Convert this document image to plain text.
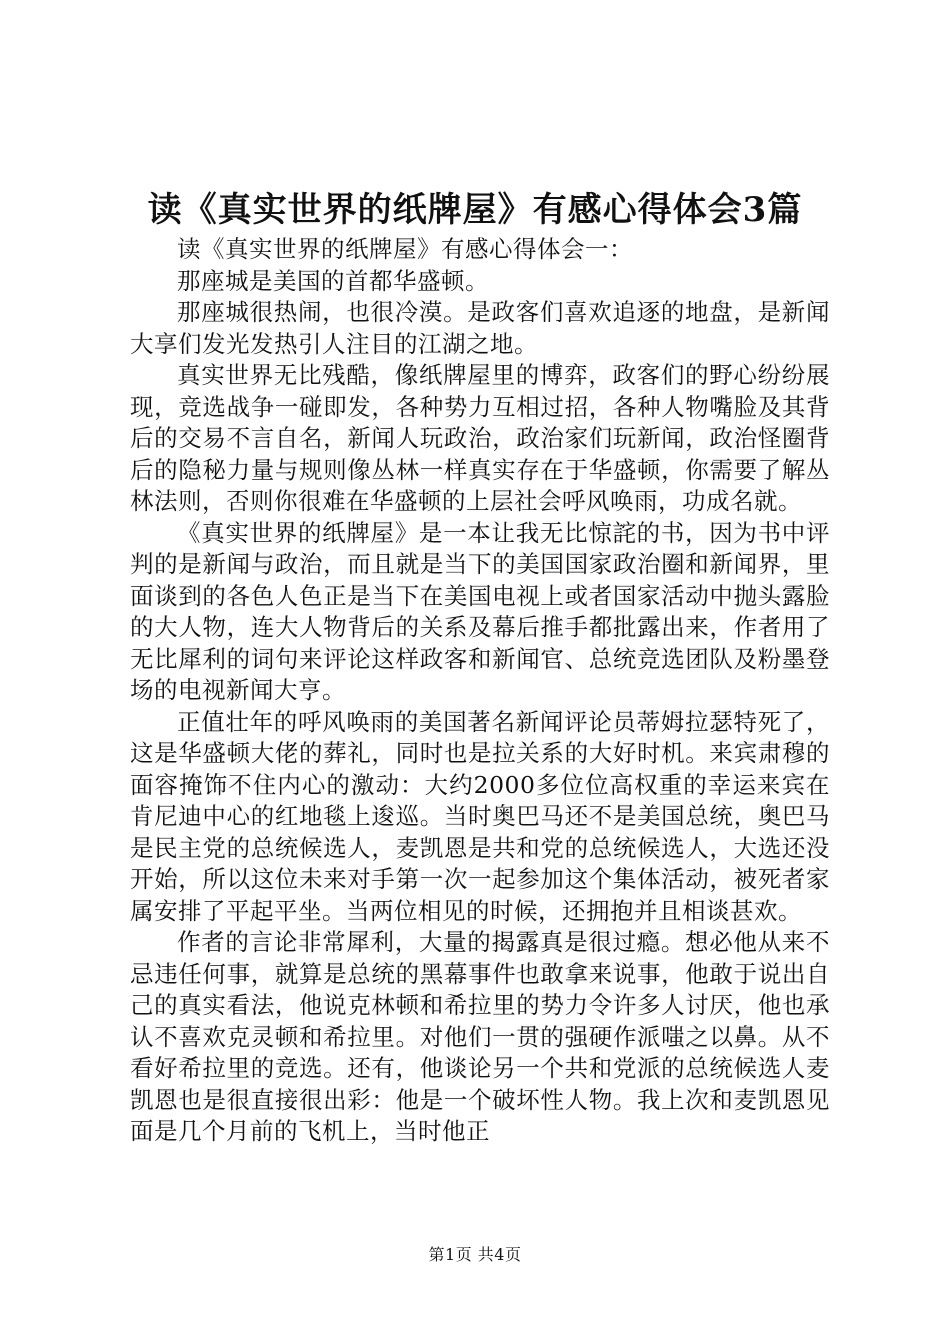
读《真实世界的纸牌屋》有感心得体会3篇

读《真实世界的纸牌屋》有感心得体会一：

那座城是美国的首都华盛顿。

那座城很热闹，也很冷漠。是政客们喜欢追逐的地盘，是新闻大享们发光发热引人注目的江湖之地。

真实世界无比残酷，像纸牌屋里的博弈，政客们的野心纷纷展现，竞选战争一碰即发，各种势力互相过招，各种人物嘴脸及其背后的交易不言自名，新闻人玩政治，政治家们玩新闻，政治怪圈背后的隐秘力量与规则像丛林一样真实存在于华盛顿，你需要了解丛林法则，否则你很难在华盛顿的上层社会呼风唤雨，功成名就。

《真实世界的纸牌屋》是一本让我无比惊詫的书，因为书中评判的是新闻与政治，而且就是当下的美国国家政治圈和新闻界，里面谈到的各色人色正是当下在美国电视上或者国家活动中抛头露脸的大人物，连大人物背后的关系及幕后推手都批露出来，作者用了无比犀利的词句来评论这样政客和新闻官、总统竞选团队及粉墨登场的电视新闻大亨。

正值壮年的呼风唤雨的美国著名新闻评论员蒂姆拉瑟特死了，这是华盛顿大佬的葬礼，同时也是拉关系的大好时机。来宾肃穆的面容掩饰不住内心的激动：大约2000多位位高权重的幸运来宾在肯尼迪中心的红地毯上逡巡。当时奥巴马还不是美国总统，奥巴马是民主党的总统候选人，麦凯恩是共和党的总统候选人，大选还没开始，所以这位未来对手第一次一起参加这个集体活动，被死者家属安排了平起平坐。当两位相见的时候，还拥抱并且相谈甚欢。

作者的言论非常犀利，大量的揭露真是很过瘾。想必他从来不忌违任何事，就算是总统的黑幕事件也敢拿来说事，他敢于说出自己的真实看法，他说克林顿和希拉里的势力令许多人讨厌，他也承认不喜欢克灵顿和希拉里。对他们一贯的强硬作派嗤之以鼻。从不看好希拉里的竞选。还有，他谈论另一个共和党派的总统候选人麦凯恩也是很直接很出彩：他是一个破坏性人物。我上次和麦凯恩见面是几个月前的飞机上，当时他正

第1页 共4页
